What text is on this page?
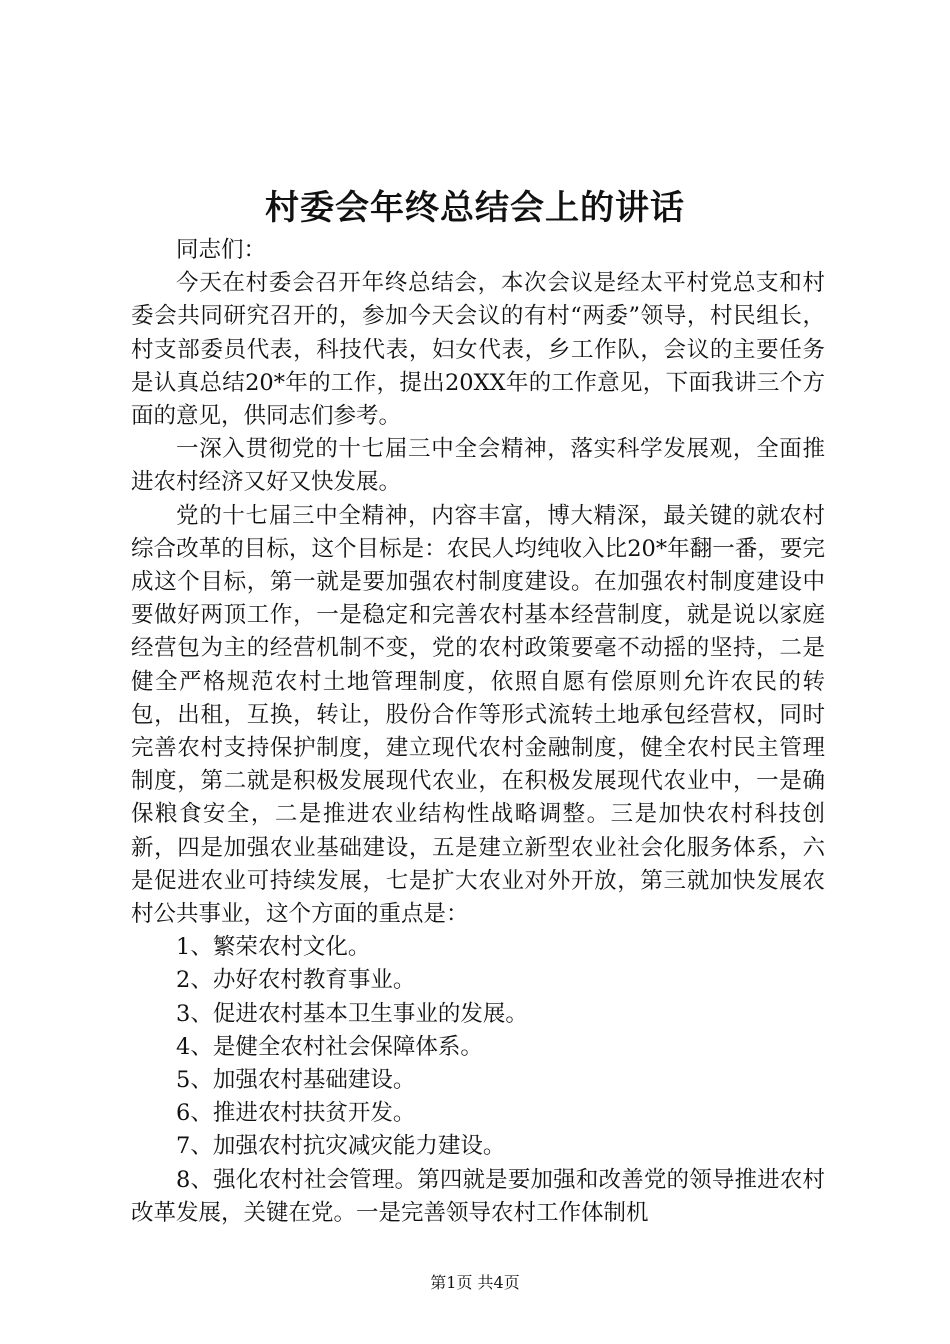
村委会年终总结会上的讲话

同志们：

今天在村委会召开年终总结会，本次会议是经太平村党总支和村委会共同研究召开的，参加今天会议的有村“两委”领导，村民组长，村支部委员代表，科技代表，妇女代表，乡工作队，会议的主要任务是认真总结20*年的工作，提出20XX年的工作意见，下面我讲三个方面的意见，供同志们参考。

一深入贯彻党的十七届三中全会精神，落实科学发展观，全面推进农村经济又好又快发展。

党的十七届三中全精神，内容丰富，博大精深，最关键的就农村综合改革的目标，这个目标是：农民人均纯收入比20*年翻一番，要完成这个目标，第一就是要加强农村制度建设。在加强农村制度建设中要做好两顶工作，一是稳定和完善农村基本经营制度，就是说以家庭经营包为主的经营机制不变，党的农村政策要毫不动摇的坚持，二是健全严格规范农村土地管理制度，依照自愿有偿原则允许农民的转包，出租，互换，转让，股份合作等形式流转土地承包经营权，同时完善农村支持保护制度，建立现代农村金融制度，健全农村民主管理制度，第二就是积极发展现代农业，在积极发展现代农业中，一是确保粮食安全，二是推进农业结构性战略调整。三是加快农村科技创新，四是加强农业基础建设，五是建立新型农业社会化服务体系，六是促进农业可持续发展，七是扩大农业对外开放，第三就加快发展农村公共事业，这个方面的重点是：

1、繁荣农村文化。

2、办好农村教育事业。

3、促进农村基本卫生事业的发展。

4、是健全农村社会保障体系。

5、加强农村基础建设。

6、推进农村扶贫开发。

7、加强农村抗灾减灾能力建设。

8、强化农村社会管理。第四就是要加强和改善党的领导推进农村改革发展，关键在党。一是完善领导农村工作体制机

第1页 共4页
